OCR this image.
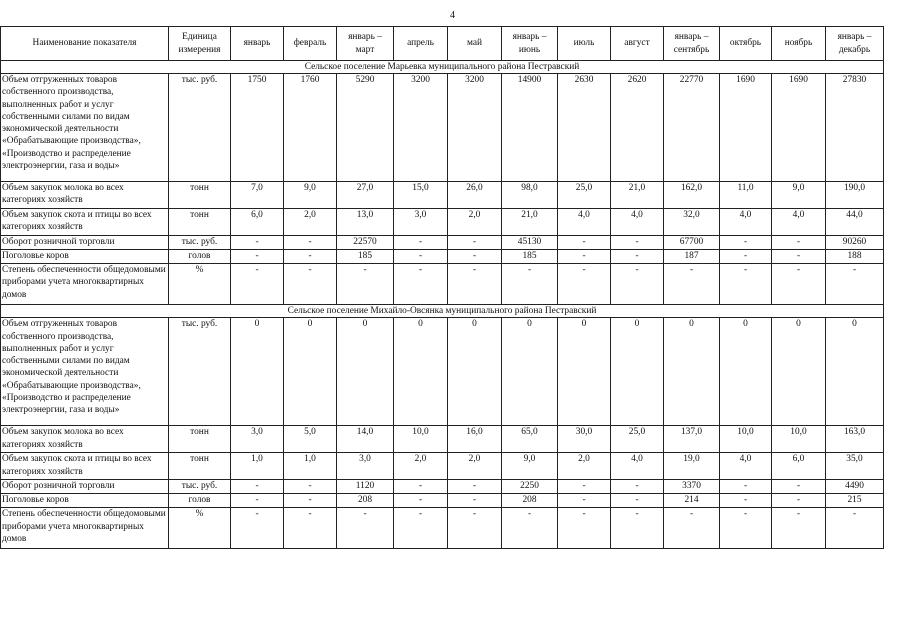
4
Наименование показателя	Единица измерения	январь	февраль	январь – март	апрель	май	январь – июнь	июль	август	январь – сентябрь	октябрь	ноябрь	январь – декабрь
Сельское поселение Марьевка муниципального района Пестравский													
Объем отгруженных товаров собственного производства, выполненных работ и услуг собственными силами по видам экономической деятельности «Обрабатывающие производства», «Производство и распределение электроэнергии, газа и воды»	тыс. руб.	1750	1760	5290	3200	3200	14900	2630	2620	22770	1690	1690	27830
Объем закупок молока во всех категориях хозяйств	тонн	7,0	9,0	27,0	15,0	26,0	98,0	25,0	21,0	162,0	11,0	9,0	190,0
Объем закупок скота и птицы во всех категориях хозяйств	тонн	6,0	2,0	13,0	3,0	2,0	21,0	4,0	4,0	32,0	4,0	4,0	44,0
Оборот розничной торговли	тыс. руб.	-	-	22570	-	-	45130	-	-	67700	-	-	90260
Поголовье коров	голов	-	-	185	-	-	185	-	-	187	-	-	188
Степень обеспеченности общедомовыми приборами учета многоквартирных домов	%	-	-	-	-	-	-	-	-	-	-	-	-
Сельское поселение Михайло-Овсянка муниципального района Пестравский													
Объем отгруженных товаров собственного производства, выполненных работ и услуг собственными силами по видам экономической деятельности «Обрабатывающие производства», «Производство и распределение электроэнергии, газа и воды»	тыс. руб.	0	0	0	0	0	0	0	0	0	0	0	0
Объем закупок молока во всех категориях хозяйств	тонн	3,0	5,0	14,0	10,0	16,0	65,0	30,0	25,0	137,0	10,0	10,0	163,0
Объем закупок скота и птицы во всех категориях хозяйств	тонн	1,0	1,0	3,0	2,0	2,0	9,0	2,0	4,0	19,0	4,0	6,0	35,0
Оборот розничной торговли	тыс. руб.	-	-	1120	-	-	2250	-	-	3370	-	-	4490
Поголовье коров	голов	-	-	208	-	-	208	-	-	214	-	-	215
Степень обеспеченности общедомовыми приборами учета многоквартирных домов	%	-	-	-	-	-	-	-	-	-	-	-	-
